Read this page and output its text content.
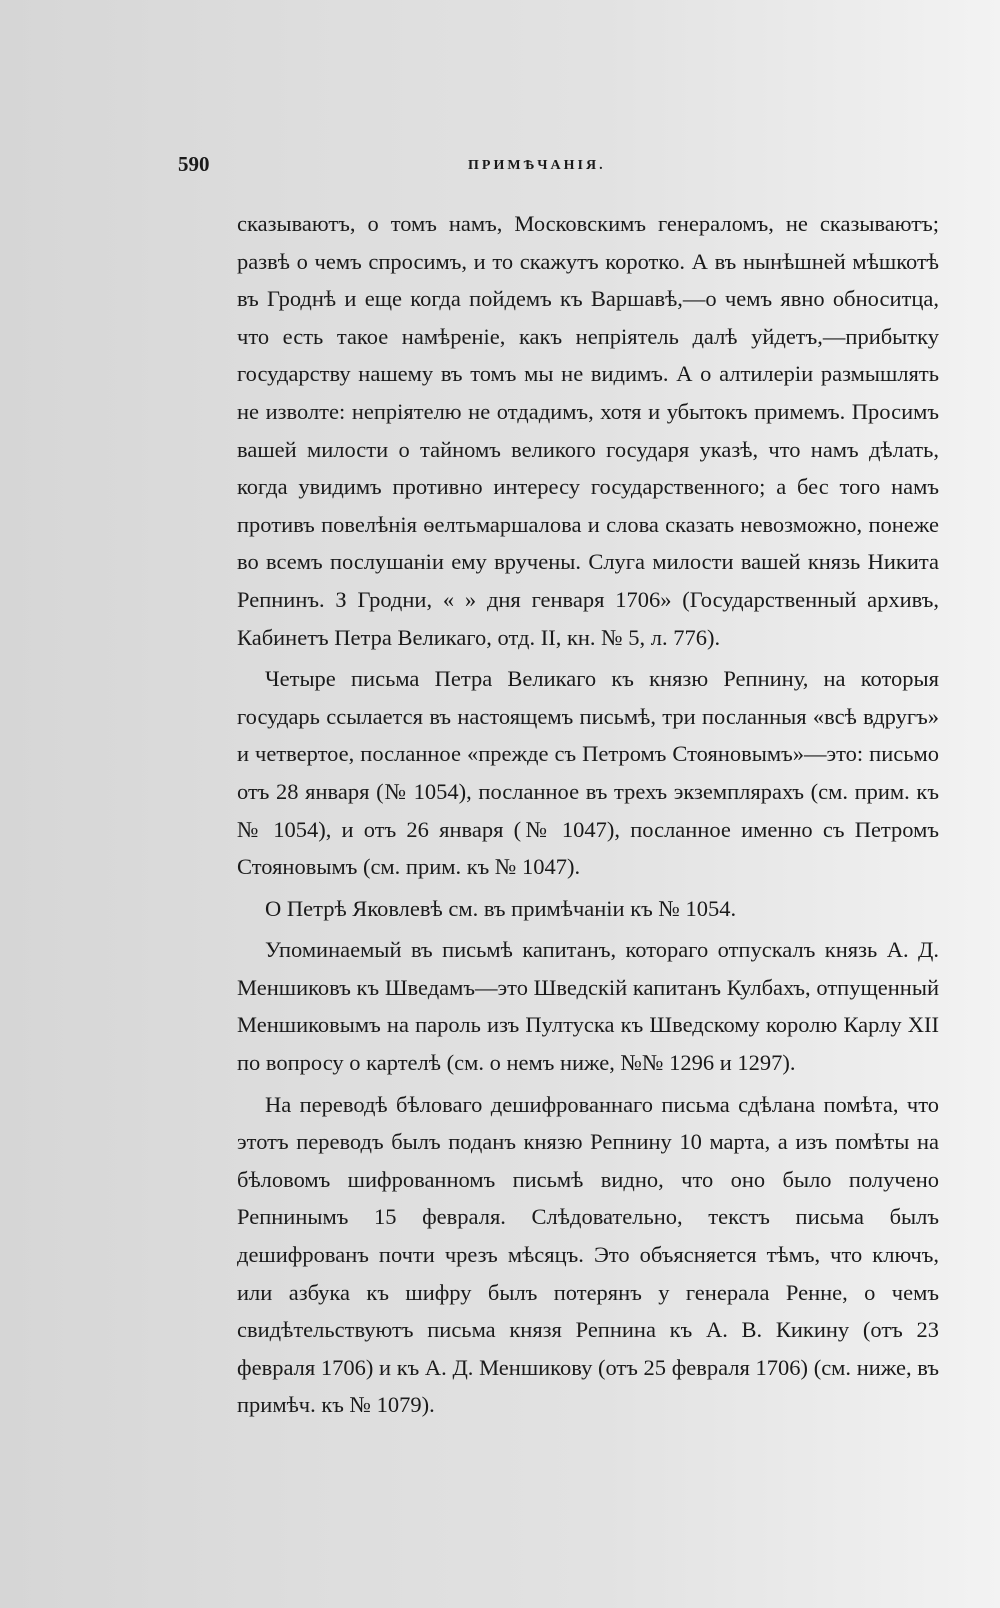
590	ПРИМѢЧАНІЯ.

сказываютъ, о томъ намъ, Московскимъ генераломъ, не сказываютъ; развѣ о чемъ спросимъ, и то скажутъ коротко. А въ нынѣшней мѣшкотѣ въ Гроднѣ и еще когда пойдемъ къ Варшавѣ,—о чемъ явно обноситца, что есть такое намѣреніе, какъ непріятель далѣ уйдетъ,—прибытку государству нашему въ томъ мы не видимъ. А о алтилеріи размышлять не изволте: непріятелю не отдадимъ, хотя и убытокъ примемъ. Просимъ вашей милости о тайномъ великого государя указѣ, что намъ дѣлать, когда увидимъ противно интересу государственного; а бес того намъ противъ повелѣнія ѳелтьмаршалова и слова сказать невозможно, понеже во всемъ послушаніи ему вручены. Слуга милости вашей князь Никита Репнинъ. З Гродни, « » дня генваря 1706» (Государственный архивъ, Кабинетъ Петра Великаго, отд. II, кн. № 5, л. 776).

Четыре письма Петра Великаго къ князю Репнину, на которыя государь ссылается въ настоящемъ письмѣ, три посланныя «всѣ вдругъ» и четвертое, посланное «прежде съ Петромъ Стояновымъ»—это: письмо отъ 28 января (№ 1054), посланное въ трехъ экземплярахъ (см. прим. къ № 1054), и отъ 26 января (№ 1047), посланное именно съ Петромъ Стояновымъ (см. прим. къ № 1047).

О Петрѣ Яковлевѣ см. въ примѣчаніи къ № 1054.

Упоминаемый въ письмѣ капитанъ, котораго отпускалъ князь А. Д. Меншиковъ къ Шведамъ—это Шведскій капитанъ Кулбахъ, отпущенный Меншиковымъ на пароль изъ Пултуска къ Шведскому королю Карлу XII по вопросу о картелѣ (см. о немъ ниже, №№ 1296 и 1297).

На переводѣ бѣловаго дешифрованнаго письма сдѣлана помѣта, что этотъ переводъ былъ поданъ князю Репнину 10 марта, а изъ помѣты на бѣловомъ шифрованномъ письмѣ видно, что оно было получено Репнинымъ 15 февраля. Слѣдовательно, текстъ письма былъ дешифрованъ почти чрезъ мѣсяцъ. Это объясняется тѣмъ, что ключъ, или азбука къ шифру былъ потерянъ у генерала Ренне, о чемъ свидѣтельствуютъ письма князя Репнина къ А. В. Кикину (отъ 23 февраля 1706) и къ А. Д. Меншикову (отъ 25 февраля 1706) (см. ниже, въ примѣч. къ № 1079).
